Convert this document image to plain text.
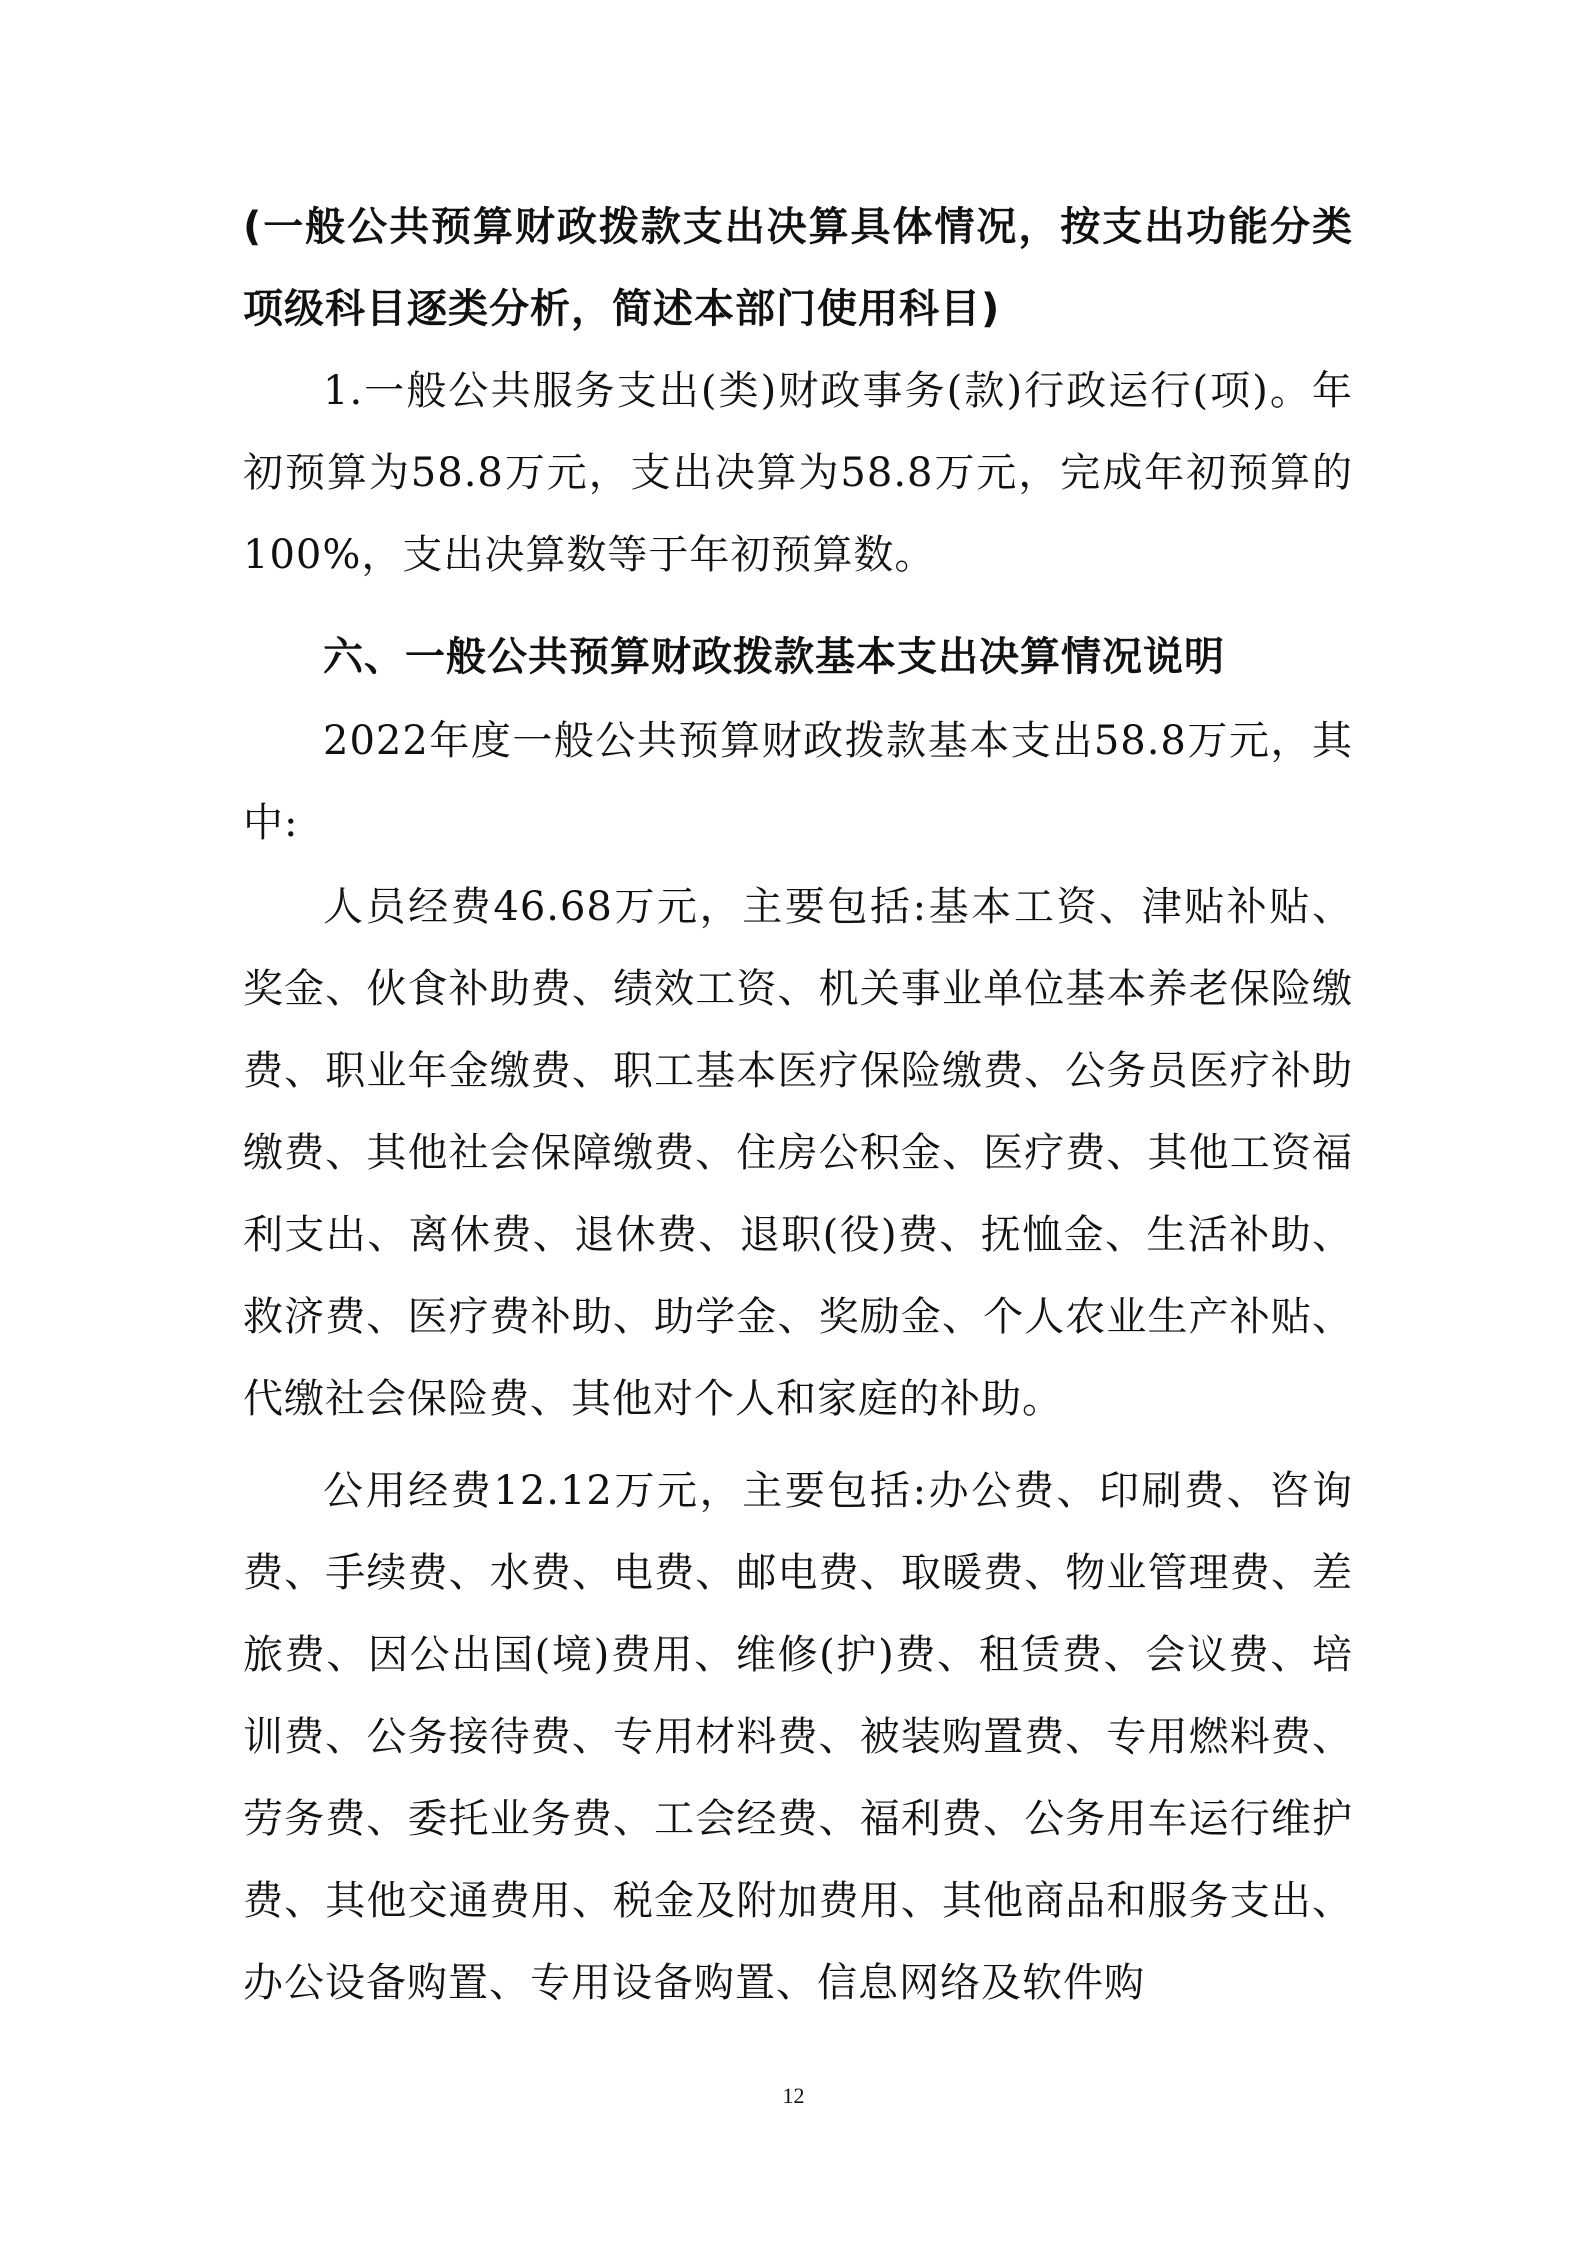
(一般公共预算财政拨款支出决算具体情况，按支出功能分类项级科目逐类分析，简述本部门使用科目)

1.一般公共服务支出(类)财政事务(款)行政运行(项)。年初预算为58.8万元，支出决算为58.8万元，完成年初预算的100%，支出决算数等于年初预算数。

六、一般公共预算财政拨款基本支出决算情况说明

2022年度一般公共预算财政拨款基本支出58.8万元，其中:

人员经费46.68万元，主要包括:基本工资、津贴补贴、奖金、伙食补助费、绩效工资、机关事业单位基本养老保险缴费、职业年金缴费、职工基本医疗保险缴费、公务员医疗补助缴费、其他社会保障缴费、住房公积金、医疗费、其他工资福利支出、离休费、退休费、退职(役)费、抚恤金、生活补助、救济费、医疗费补助、助学金、奖励金、个人农业生产补贴、代缴社会保险费、其他对个人和家庭的补助。

公用经费12.12万元，主要包括:办公费、印刷费、咨询费、手续费、水费、电费、邮电费、取暖费、物业管理费、差旅费、因公出国(境)费用、维修(护)费、租赁费、会议费、培训费、公务接待费、专用材料费、被装购置费、专用燃料费、劳务费、委托业务费、工会经费、福利费、公务用车运行维护费、其他交通费用、税金及附加费用、其他商品和服务支出、办公设备购置、专用设备购置、信息网络及软件购

12
